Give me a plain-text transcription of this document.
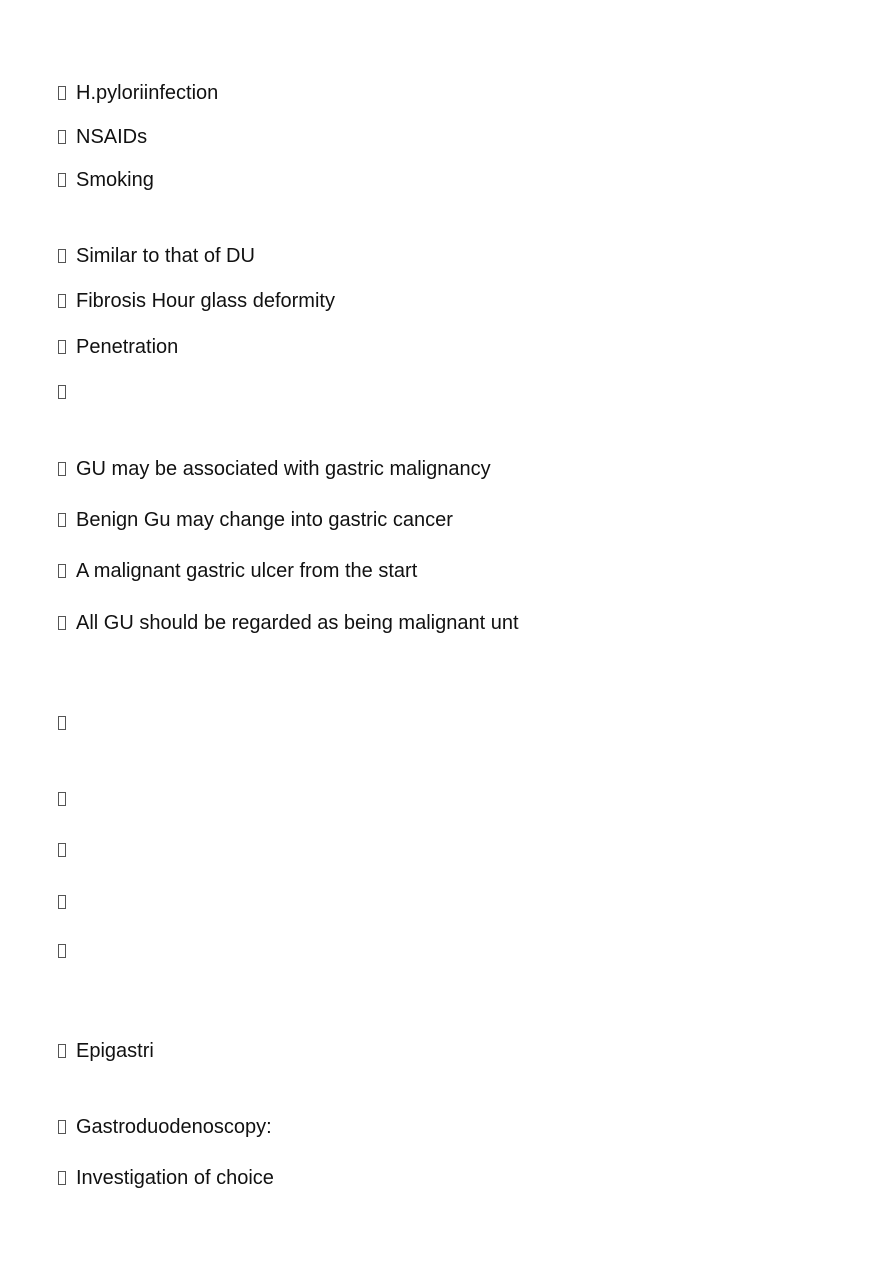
H.pyloriinfection
NSAIDs
Smoking
Similar to that of DU
Fibrosis Hour glass deformity
Penetration
GU may be associated with gastric malignancy
Benign Gu may change into gastric cancer
A malignant gastric ulcer from the start
All GU should be regarded as being malignant unt
Epigastri
Gastroduodenoscopy:
Investigation of choice
